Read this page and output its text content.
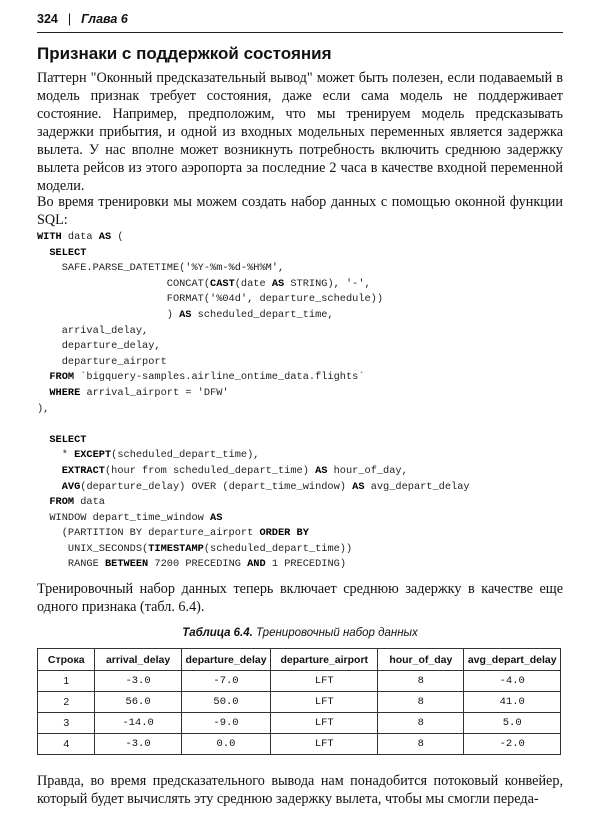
324 | Глава 6
Признаки с поддержкой состояния

Паттерн "Оконный предсказательный вывод" может быть полезен, если подаваемый в модель признак требует состояния, даже если сама модель не поддерживает состояние. Например, предположим, что мы тренируем модель предсказывать задержки прибытия, и одной из входных модельных переменных является задержка вылета. У нас вполне может возникнуть потребность включить среднюю задержку вылета рейсов из этого аэропорта за последние 2 часа в качестве входной переменной модели.

Во время тренировки мы можем создать набор данных с помощью оконной функции SQL:

WITH data AS (
SELECT
SAFE.PARSE_DATETIME('%Y-%m-%d-%H%M',
CONCAT(CAST(date AS STRING), '-',
FORMAT('%04d', departure_schedule))
) AS scheduled_depart_time,
arrival_delay,
departure_delay,
departure_airport
FROM `bigquery-samples.airline_ontime_data.flights`
WHERE arrival_airport = 'DFW'
),

SELECT
* EXCEPT(scheduled_depart_time),
EXTRACT(hour from scheduled_depart_time) AS hour_of_day,
AVG(departure_delay) OVER (depart_time_window) AS avg_depart_delay
FROM data
WINDOW depart_time_window AS
(PARTITION BY departure_airport ORDER BY
UNIX_SECONDS(TIMESTAMP(scheduled_depart_time))
RANGE BETWEEN 7200 PRECEDING AND 1 PRECEDING)

Тренировочный набор данных теперь включает среднюю задержку в качестве еще одного признака (табл. 6.4).

Таблица 6.4. Тренировочный набор данных
Строка	arrival_delay	departure_delay	departure_airport	hour_of_day	avg_depart_delay
1	-3.0	-7.0	LFT	8	-4.0
2	56.0	50.0	LFT	8	41.0
3	-14.0	-9.0	LFT	8	5.0
4	-3.0	0.0	LFT	8	-2.0

Правда, во время предсказательного вывода нам понадобится потоковый конвейер, который будет вычислять эту среднюю задержку вылета, чтобы мы смогли переда-
